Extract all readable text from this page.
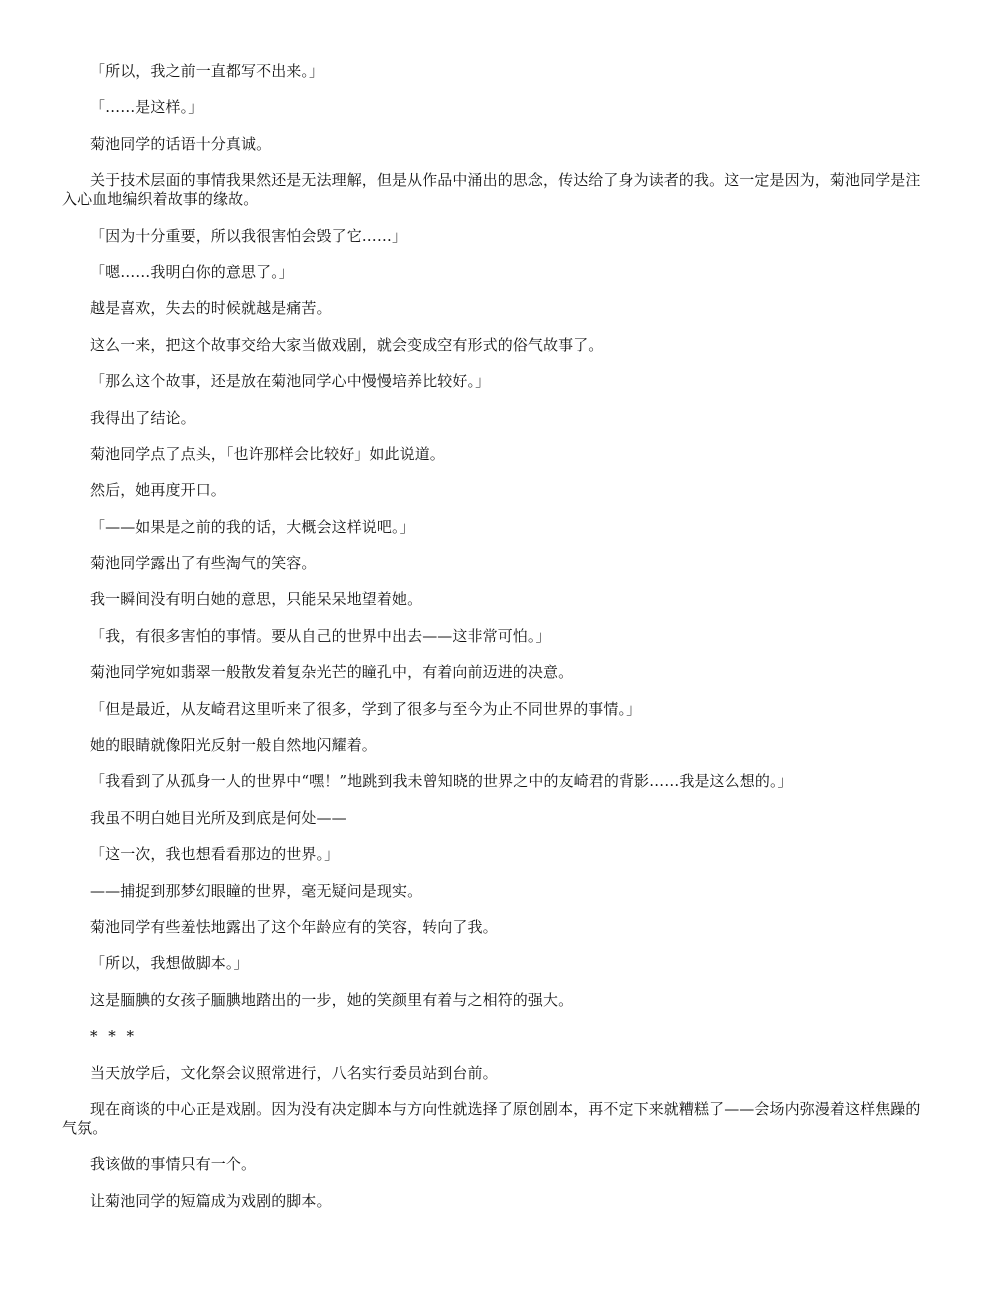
「所以，我之前一直都写不出来。」

「……是这样。」

菊池同学的话语十分真诚。

关于技术层面的事情我果然还是无法理解，但是从作品中涌出的思念，传达给了身为读者的我。这一定是因为，菊池同学是注入心血地编织着故事的缘故。

「因为十分重要，所以我很害怕会毁了它……」

「嗯……我明白你的意思了。」

越是喜欢，失去的时候就越是痛苦。

这么一来，把这个故事交给大家当做戏剧，就会变成空有形式的俗气故事了。

「那么这个故事，还是放在菊池同学心中慢慢培养比较好。」

我得出了结论。

菊池同学点了点头，「也许那样会比较好」如此说道。

然后，她再度开口。

「——如果是之前的我的话，大概会这样说吧。」

菊池同学露出了有些淘气的笑容。

我一瞬间没有明白她的意思，只能呆呆地望着她。

「我，有很多害怕的事情。要从自己的世界中出去——这非常可怕。」

菊池同学宛如翡翠一般散发着复杂光芒的瞳孔中，有着向前迈进的决意。

「但是最近，从友崎君这里听来了很多，学到了很多与至今为止不同世界的事情。」

她的眼睛就像阳光反射一般自然地闪耀着。

「我看到了从孤身一人的世界中“嘿！”地跳到我未曾知晓的世界之中的友崎君的背影……我是这么想的。」

我虽不明白她目光所及到底是何处——

「这一次，我也想看看那边的世界。」

——捕捉到那梦幻眼瞳的世界，毫无疑问是现实。

菊池同学有些羞怯地露出了这个年龄应有的笑容，转向了我。

「所以，我想做脚本。」

这是腼腆的女孩子腼腆地踏出的一步，她的笑颜里有着与之相符的强大。

* * *

当天放学后，文化祭会议照常进行，八名实行委员站到台前。

现在商谈的中心正是戏剧。因为没有决定脚本与方向性就选择了原创剧本，再不定下来就糟糕了——会场内弥漫着这样焦躁的气氛。

我该做的事情只有一个。

让菊池同学的短篇成为戏剧的脚本。
